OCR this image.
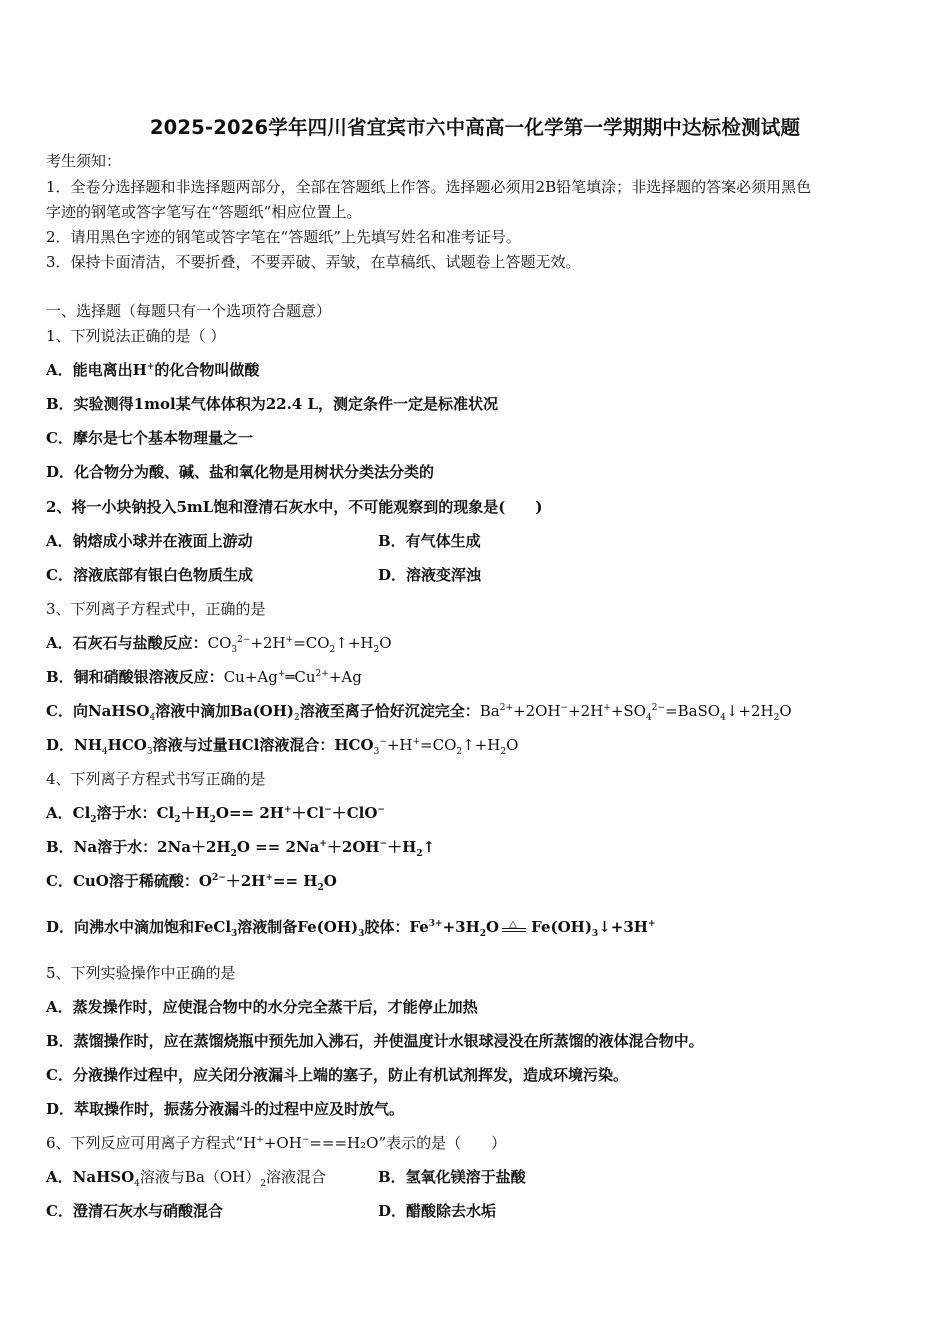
2025-2026学年四川省宜宾市六中高高一化学第一学期期中达标检测试题
考生须知：
1．全卷分选择题和非选择题两部分，全部在答题纸上作答。选择题必须用2B铅笔填涂；非选择题的答案必须用黑色
字迹的钢笔或答字笔写在“答题纸”相应位置上。
2．请用黑色字迹的钢笔或答字笔在“答题纸”上先填写姓名和准考证号。
3．保持卡面清洁，不要折叠，不要弄破、弄皱，在草稿纸、试题卷上答题无效。
一、选择题（每题只有一个选项符合题意）
1、下列说法正确的是（ ）
A．能电离出H+的化合物叫做酸
B．实验测得1mol某气体体积为22.4 L，测定条件一定是标准状况
C．摩尔是七个基本物理量之一
D．化合物分为酸、碱、盐和氧化物是用树状分类法分类的
2、将一小块钠投入5mL饱和澄清石灰水中，不可能观察到的现象是(　　)
A．钠熔成小球并在液面上游动	B．有气体生成
C．溶液底部有银白色物质生成	D．溶液变浑浊
3、下列离子方程式中，正确的是
A．石灰石与盐酸反应：$CO_3^{2-}+2H^+=CO_2↑+H_2O$
B．铜和硝酸银溶液反应：$Cu+Ag^+═Cu^{2+}+Ag$
C．向NaHSO$_4$溶液中滴加$Ba(OH)_2$溶液至离子恰好沉淀完全：$Ba^{2+}+2OH^-+2H^++SO_4^{2-}=BaSO_4↓+2H_2O$
D．$NH_4HCO_3$溶液与过量HCl溶液混合：$HCO_3^-+H^+=CO_2↑+H_2O$
4、下列离子方程式书写正确的是
A．$Cl_2$溶于水：$Cl_2+H_2O== 2H^++Cl^-+ClO^-$
B．Na溶于水：$2Na+2H_2O$ == $2Na^++2OH^-+H_2↑$
C．CuO溶于稀硫酸：$O^{2-}+2H^+== H_2O$
D．向沸水中滴加饱和FeCl$_3$溶液制备$Fe(OH)_3$胶体：$Fe^{3+}+3H_2O$ △ $Fe(OH)_3↓+3H^+$
5、下列实验操作中正确的是
A．蒸发操作时，应使混合物中的水分完全蒸干后，才能停止加热
B．蒸馏操作时，应在蒸馏烧瓶中预先加入沸石，并使温度计水银球浸没在所蒸馏的液体混合物中。
C．分液操作过程中，应关闭分液漏斗上端的塞子，防止有机试剂挥发，造成环境污染。
D．萃取操作时，振荡分液漏斗的过程中应及时放气。
6、下列反应可用离子方程式“H++OH−===H₂O”表示的是（　　）
A．NaHSO$_4$溶液与$Ba(OH)_2$溶液混合	B．氢氧化镁溶于盐酸
C．澄清石灰水与硝酸混合	D．醋酸除去水垢
